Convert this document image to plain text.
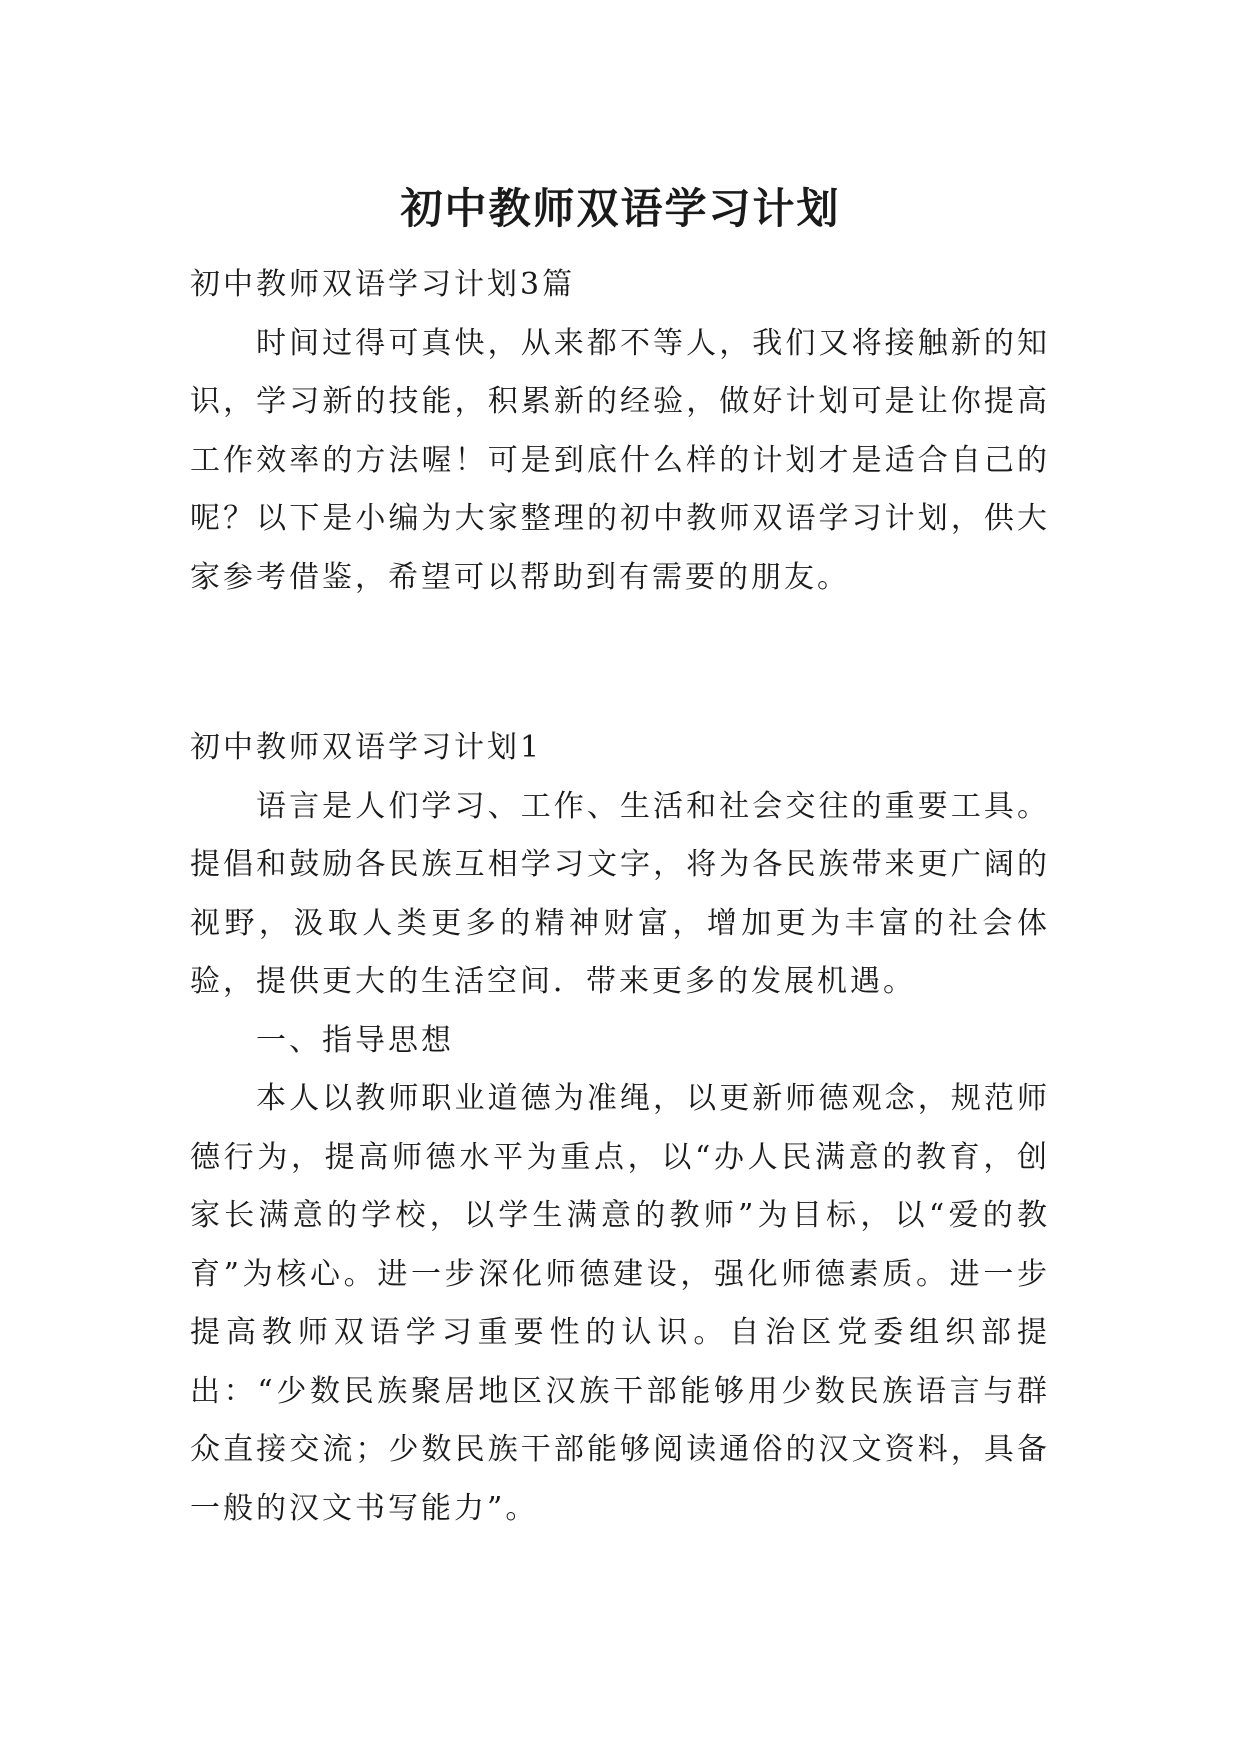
初中教师双语学习计划

初中教师双语学习计划3篇

时间过得可真快，从来都不等人，我们又将接触新的知识，学习新的技能，积累新的经验，做好计划可是让你提高工作效率的方法喔！可是到底什么样的计划才是适合自己的呢？以下是小编为大家整理的初中教师双语学习计划，供大家参考借鉴，希望可以帮助到有需要的朋友。

初中教师双语学习计划1

语言是人们学习、工作、生活和社会交往的重要工具。提倡和鼓励各民族互相学习文字，将为各民族带来更广阔的视野，汲取人类更多的精神财富，增加更为丰富的社会体验，提供更大的生活空间．带来更多的发展机遇。

一、指导思想

本人以教师职业道德为准绳，以更新师德观念，规范师德行为，提高师德水平为重点，以“办人民满意的教育，创家长满意的学校，以学生满意的教师”为目标，以“爱的教育”为核心。进一步深化师德建设，强化师德素质。进一步提高教师双语学习重要性的认识。自治区党委组织部提出：“少数民族聚居地区汉族干部能够用少数民族语言与群众直接交流；少数民族干部能够阅读通俗的汉文资料，具备一般的汉文书写能力”。
